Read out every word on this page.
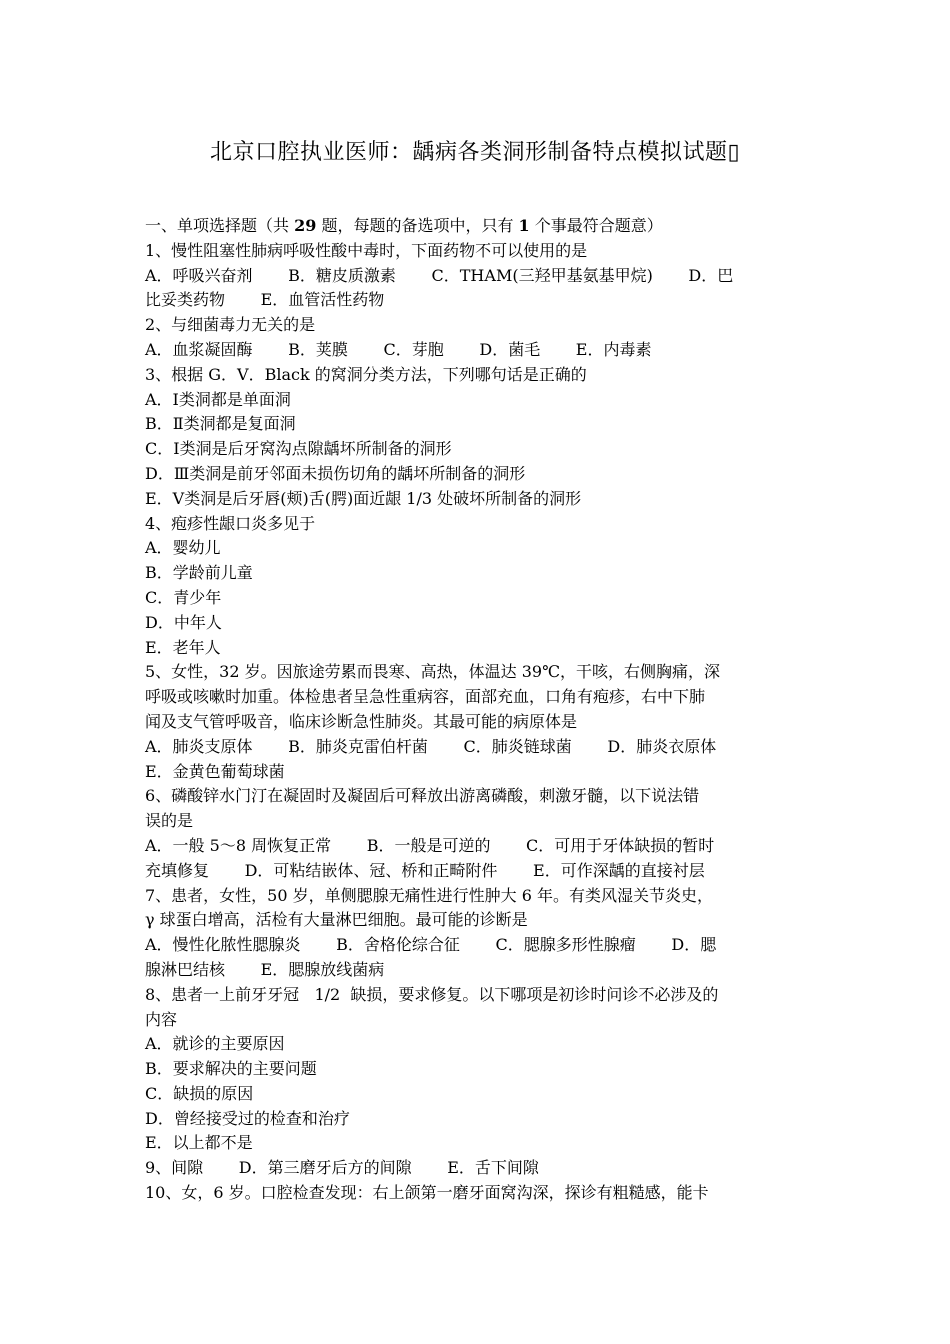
北京口腔执业医师：龋病各类洞形制备特点模拟试题▯
一、单项选择题（共 29 题，每题的备选项中，只有 1 个事最符合题意）
1、慢性阻塞性肺病呼吸性酸中毒时，下面药物不可以使用的是
A．呼吸兴奋剂       B．糖皮质激素       C．THAM(三羟甲基氨基甲烷)       D．巴
比妥类药物       E．血管活性药物
2、与细菌毒力无关的是
A．血浆凝固酶       B．荚膜       C．芽胞       D．菌毛       E．内毒素
3、根据 G．V．Black 的窝洞分类方法，下列哪句话是正确的
A．Ⅰ类洞都是单面洞
B．Ⅱ类洞都是复面洞
C．Ⅰ类洞是后牙窝沟点隙龋坏所制备的洞形
D．Ⅲ类洞是前牙邻面未损伤切角的龋坏所制备的洞形
E．Ⅴ类洞是后牙唇(颊)舌(腭)面近龈 1/3 处破坏所制备的洞形
4、疱疹性龈口炎多见于
A．婴幼儿
B．学龄前儿童
C．青少年
D．中年人
E．老年人
5、女性，32 岁。因旅途劳累而畏寒、高热，体温达 39℃，干咳，右侧胸痛，深
呼吸或咳嗽时加重。体检患者呈急性重病容，面部充血，口角有疱疹，右中下肺
闻及支气管呼吸音，临床诊断急性肺炎。其最可能的病原体是
A．肺炎支原体       B．肺炎克雷伯杆菌       C．肺炎链球菌       D．肺炎衣原体
E．金黄色葡萄球菌
6、磷酸锌水门汀在凝固时及凝固后可释放出游离磷酸，刺激牙髓，以下说法错
误的是
A．一般 5～8 周恢复正常       B．一般是可逆的       C．可用于牙体缺损的暂时
充填修复       D．可粘结嵌体、冠、桥和正畸附件       E．可作深龋的直接衬层
7、患者，女性，50 岁，单侧腮腺无痛性进行性肿大 6 年。有类风湿关节炎史，
γ 球蛋白增高，活检有大量淋巴细胞。最可能的诊断是
A．慢性化脓性腮腺炎       B．舍格伦综合征       C．腮腺多形性腺瘤       D．腮
腺淋巴结核       E．腮腺放线菌病
8、患者一上前牙牙冠   1/2  缺损，要求修复。以下哪项是初诊时问诊不必涉及的
内容
A．就诊的主要原因
B．要求解决的主要问题
C．缺损的原因
D．曾经接受过的检查和治疗
E．以上都不是
9、间隙       D．第三磨牙后方的间隙       E．舌下间隙
10、女，6 岁。口腔检查发现：右上颌第一磨牙面窝沟深，探诊有粗糙感，能卡
